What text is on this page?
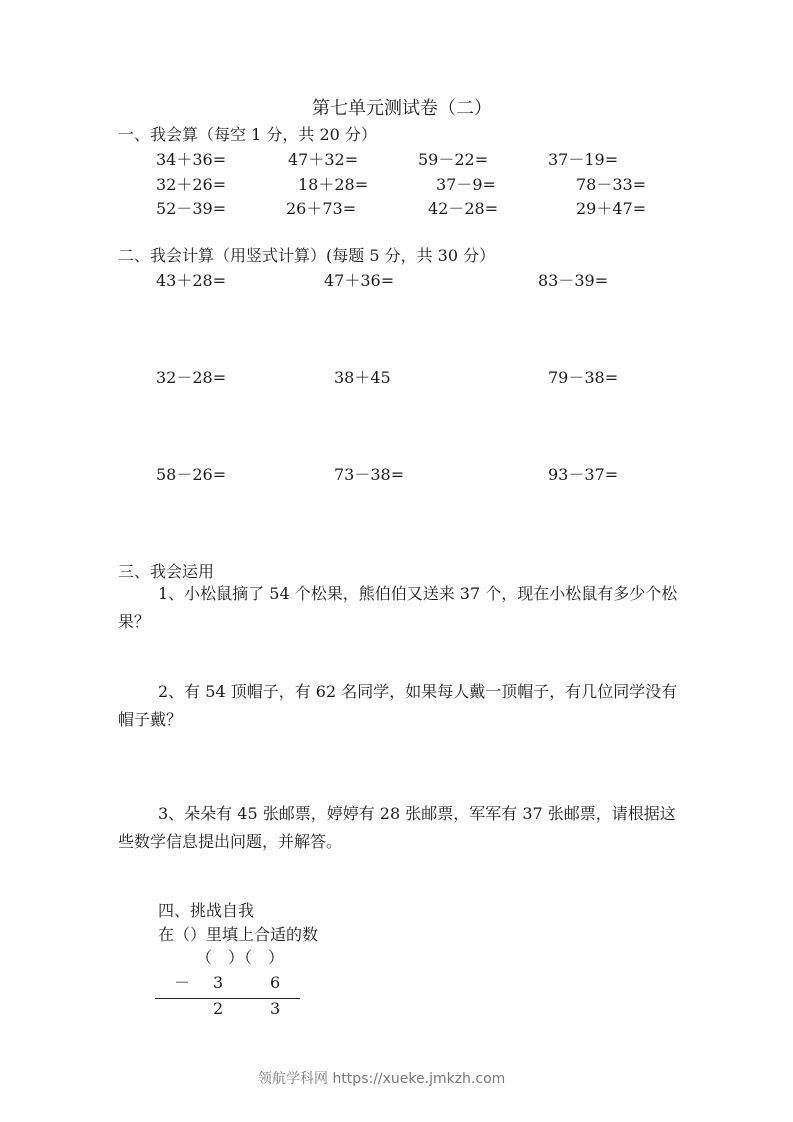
第七单元测试卷（二）
一、我会算（每空 1 分，共 20 分）
34＋36=	47＋32=	59－22=	37－19=
32＋26=	18＋28=	37－9=	78－33=
52－39=	26＋73=	42－28=	29＋47=
二、我会计算（用竖式计算）(每题 5 分，共 30 分）
43＋28=	47＋36=	83－39=
32－28=	38＋45	79－38=
58－26=	73－38=	93－37=
三、我会运用
1、小松鼠摘了 54 个松果，熊伯伯又送来 37 个，现在小松鼠有多少个松果？
2、有 54 顶帽子，有 62 名同学，如果每人戴一顶帽子，有几位同学没有帽子戴？
3、朵朵有 45 张邮票，婷婷有 28 张邮票，军军有 37 张邮票，请根据这些数学信息提出问题，并解答。
四、挑战自我
在（）里填上合适的数
（　）（　）
－ 3	6
2	3
领航学科网 https://xueke.jmkzh.com
